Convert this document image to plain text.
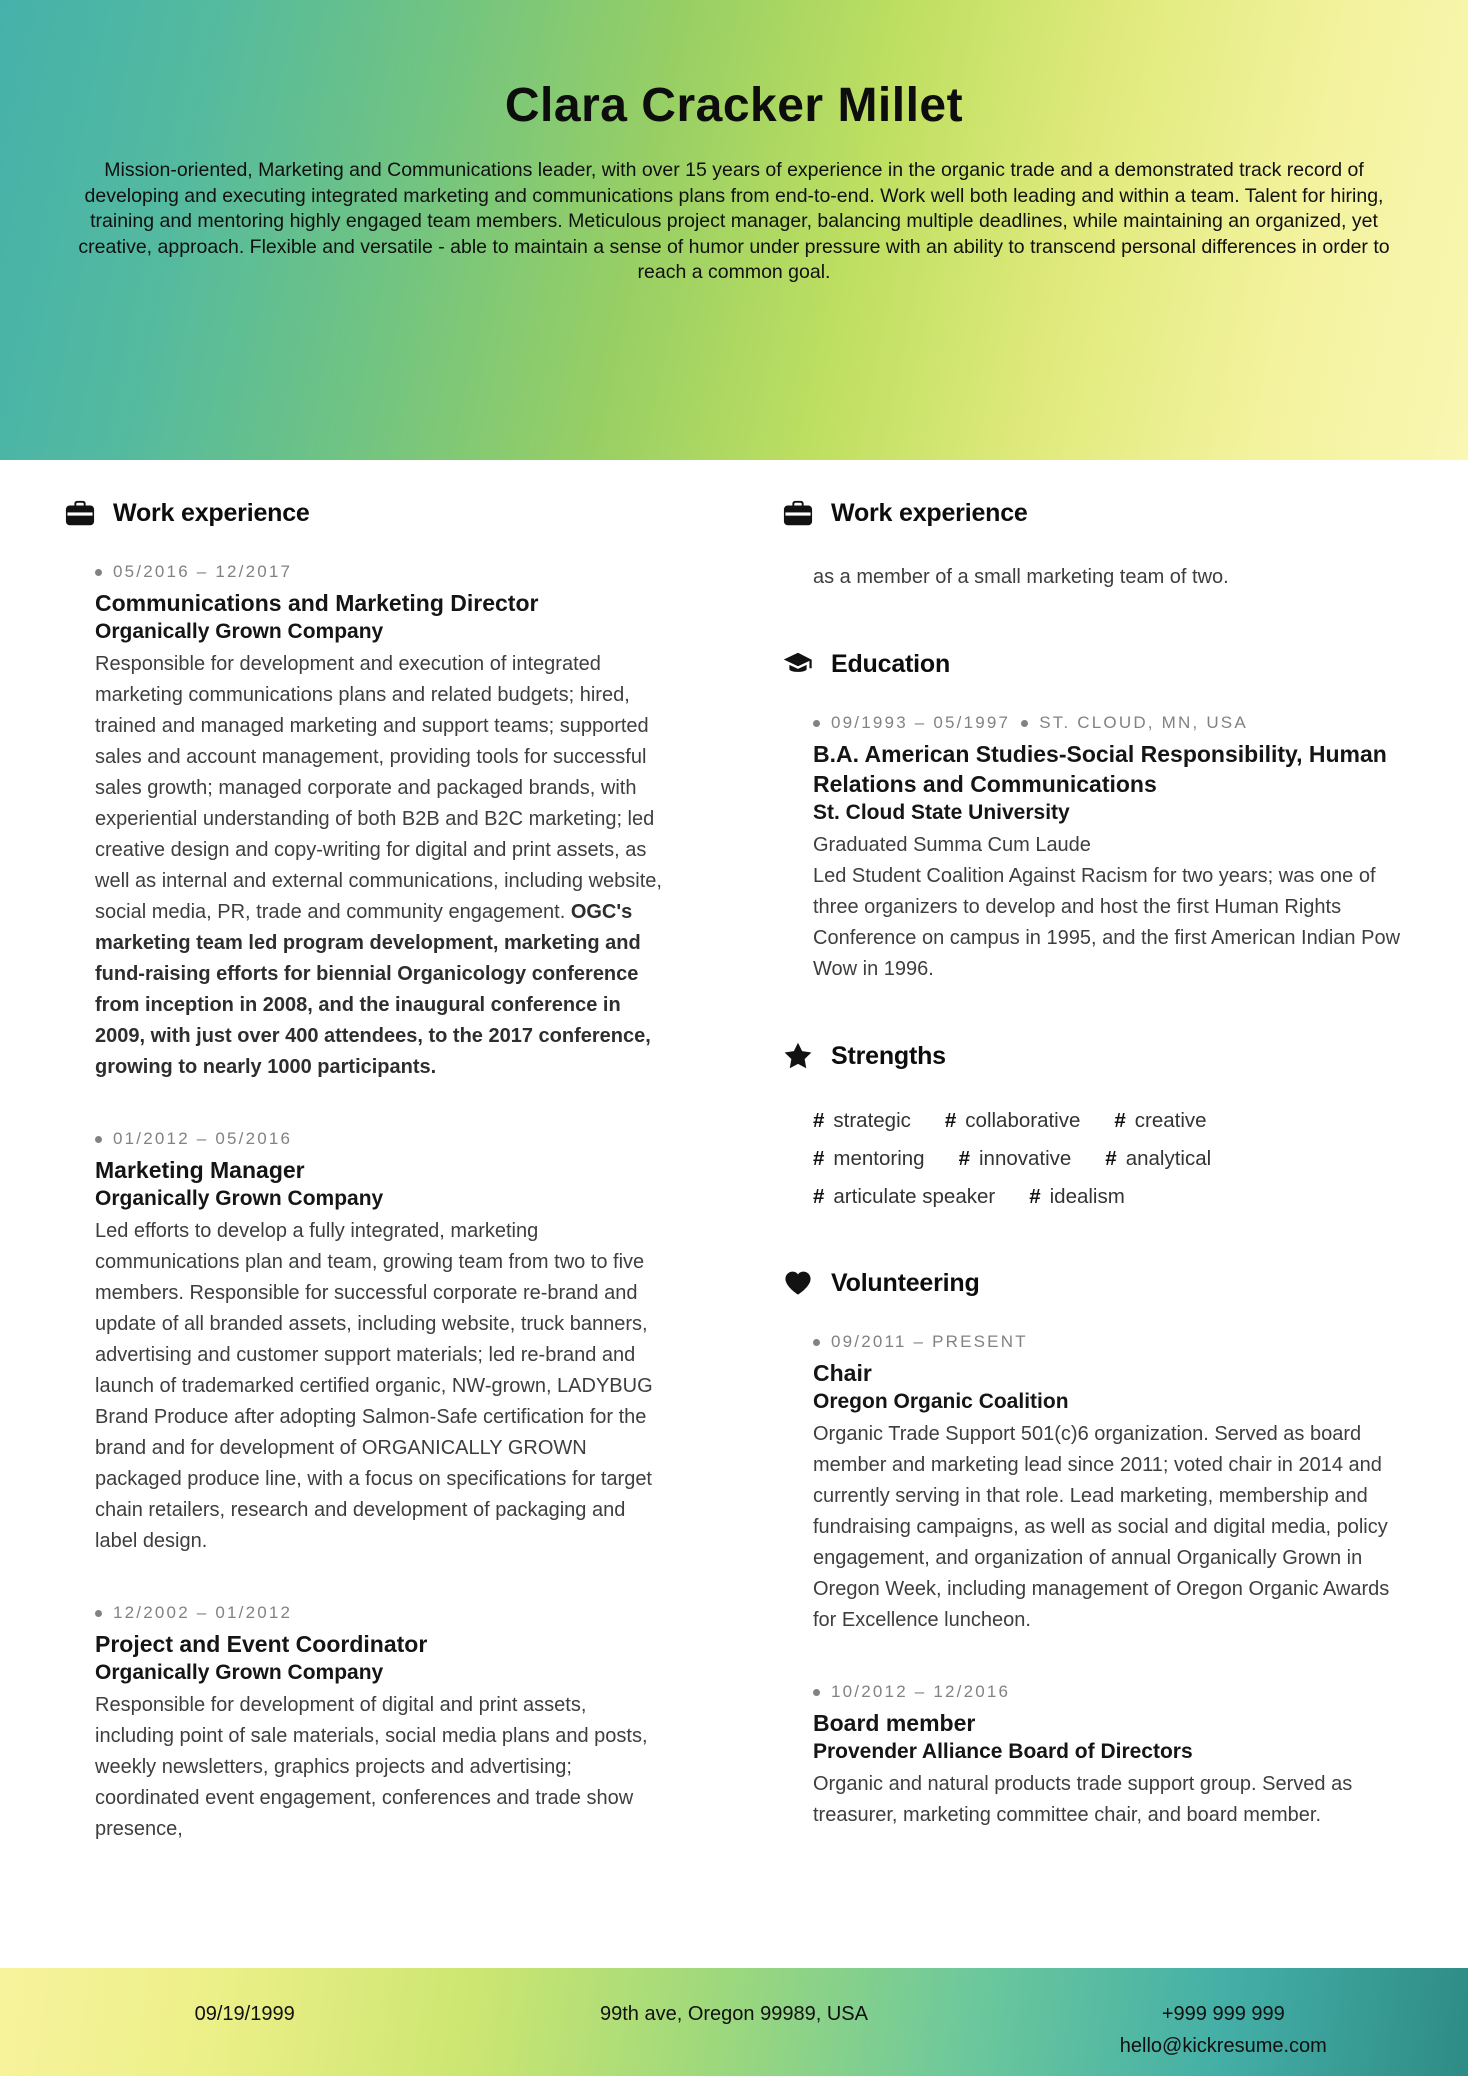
Clara Cracker Millet

Mission-oriented, Marketing and Communications leader, with over 15 years of experience in the organic trade and a demonstrated track record of developing and executing integrated marketing and communications plans from end-to-end. Work well both leading and within a team. Talent for hiring, training and mentoring highly engaged team members. Meticulous project manager, balancing multiple deadlines, while maintaining an organized, yet creative, approach. Flexible and versatile - able to maintain a sense of humor under pressure with an ability to transcend personal differences in order to reach a common goal.

Work experience
05/2016 – 12/2017
Communications and Marketing Director
Organically Grown Company
Responsible for development and execution of integrated marketing communications plans and related budgets; hired, trained and managed marketing and support teams; supported sales and account management, providing tools for successful sales growth; managed corporate and packaged brands, with experiential understanding of both B2B and B2C marketing; led creative design and copy-writing for digital and print assets, as well as internal and external communications, including website, social media, PR, trade and community engagement. OGC's marketing team led program development, marketing and fund-raising efforts for biennial Organicology conference from inception in 2008, and the inaugural conference in 2009, with just over 400 attendees, to the 2017 conference, growing to nearly 1000 participants.
01/2012 – 05/2016
Marketing Manager
Organically Grown Company
Led efforts to develop a fully integrated, marketing communications plan and team, growing team from two to five members. Responsible for successful corporate re-brand and update of all branded assets, including website, truck banners, advertising and customer support materials; led re-brand and launch of trademarked certified organic, NW-grown, LADYBUG Brand Produce after adopting Salmon-Safe certification for the brand and for development of ORGANICALLY GROWN packaged produce line, with a focus on specifications for target chain retailers, research and development of packaging and label design.
12/2002 – 01/2012
Project and Event Coordinator
Organically Grown Company
Responsible for development of digital and print assets, including point of sale materials, social media plans and posts, weekly newsletters, graphics projects and advertising; coordinated event engagement, conferences and trade show presence,
Work experience
as a member of a small marketing team of two.
Education
09/1993 – 05/1997 ST. CLOUD, MN, USA
B.A. American Studies-Social Responsibility, Human Relations and Communications
St. Cloud State University
Graduated Summa Cum Laude
Led Student Coalition Against Racism for two years; was one of three organizers to develop and host the first Human Rights Conference on campus in 1995, and the first American Indian Pow Wow in 1996.
Strengths
# strategic # collaborative # creative
# mentoring # innovative # analytical
# articulate speaker # idealism
Volunteering
09/2011 – PRESENT
Chair
Oregon Organic Coalition
Organic Trade Support 501(c)6 organization. Served as board member and marketing lead since 2011; voted chair in 2014 and currently serving in that role. Lead marketing, membership and fundraising campaigns, as well as social and digital media, policy engagement, and organization of annual Organically Grown in Oregon Week, including management of Oregon Organic Awards for Excellence luncheon.
10/2012 – 12/2016
Board member
Provender Alliance Board of Directors
Organic and natural products trade support group. Served as treasurer, marketing committee chair, and board member.
09/19/1999	99th ave, Oregon 99989, USA	+999 999 999
hello@kickresume.com
